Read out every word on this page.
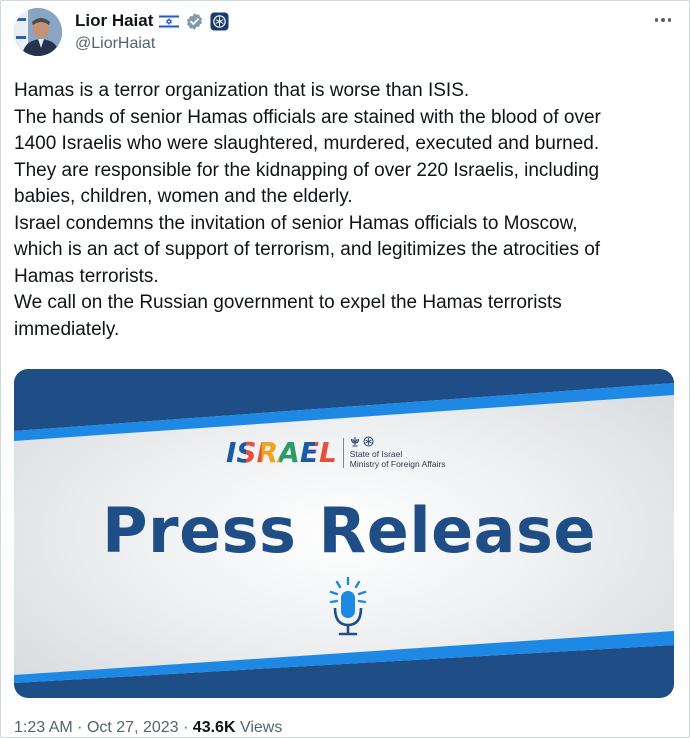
Lior Haiat
@LiorHaiat

Hamas is a terror organization that is worse than ISIS.

The hands of senior Hamas officials are stained with the blood of over

1400 Israelis who were slaughtered, murdered, executed and burned.

They are responsible for the kidnapping of over 220 Israelis, including

babies, children, women and the elderly.

Israel condemns the invitation of senior Hamas officials to Moscow,

which is an act of support of terrorism, and legitimizes the atrocities of

Hamas terrorists.

We call on the Russian government to expel the Hamas terrorists

immediately.

ISRAEL State of Israel
Ministry of Foreign Affairs
Press Release
1:23 AM · Oct 27, 2023 · 43.6K Views
